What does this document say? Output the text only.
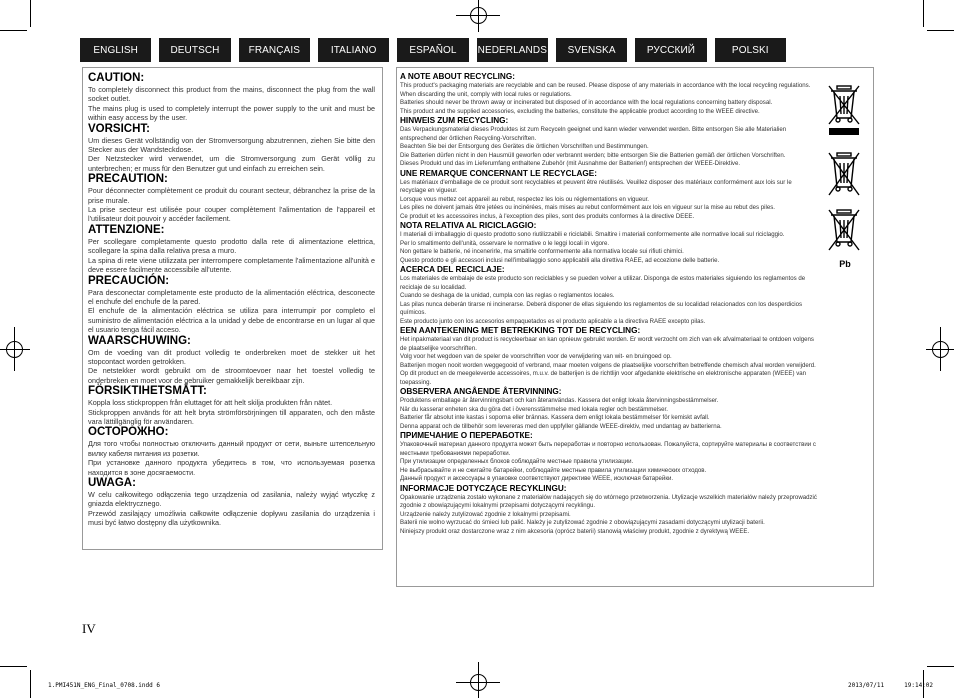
ENGLISH	DEUTSCH	FRANÇAIS	ITALIANO	ESPAÑOL	NEDERLANDS	SVENSKA	РУССКИЙ	POLSKI
CAUTION:

To completely disconnect this product from the mains, disconnect the plug from the wall socket outlet.

The mains plug is used to completely interrupt the power supply to the unit and must be within easy access by the user.

VORSICHT:

Um dieses Gerät vollständig von der Stromversorgung abzutrennen, ziehen Sie bitte den Stecker aus der Wandsteckdose.

Der Netzstecker wird verwendet, um die Stromversorgung zum Gerät völlig zu unterbrechen; er muss für den Benutzer gut und einfach zu erreichen sein.

PRECAUTION:

Pour déconnecter complètement ce produit du courant secteur, débranchez la prise de la prise murale.

La prise secteur est utilisée pour couper complètement l'alimentation de l'appareil et l'utilisateur doit pouvoir y accéder facilement.

ATTENZIONE:

Per scollegare completamente questo prodotto dalla rete di alimentazione elettrica, scollegare la spina dalla relativa presa a muro.

La spina di rete viene utilizzata per interrompere completamente l'alimentazione all'unità e deve essere facilmente accessibile all'utente.

PRECAUCIÓN:

Para desconectar completamente este producto de la alimentación eléctrica, desconecte el enchufe del enchufe de la pared.

El enchufe de la alimentación eléctrica se utiliza para interrumpir por completo el suministro de alimentación eléctrica a la unidad y debe de encontrarse en un lugar al que el usuario tenga fácil acceso.

WAARSCHUWING:

Om de voeding van dit product volledig te onderbreken moet de stekker uit het stopcontact worden getrokken.

De netstekker wordt gebruikt om de stroomtoevoer naar het toestel volledig te onderbreken en moet voor de gebruiker gemakkelijk bereikbaar zijn.

FÖRSIKTIHETSMÅTT:

Koppla loss stickproppen från eluttaget för att helt skilja produkten från nätet.

Stickproppen används för att helt bryta strömförsörjningen till apparaten, och den måste vara lättillgänglig för användaren.

ОСТОРОЖНО:

Для того чтобы полностью отключить данный продукт от сети, выньте штепсельную вилку кабеля питания из розетки.

При установке данного продукта убедитесь в том, что используемая розетка находится в зоне досягаемости.

UWAGA:

W celu całkowitego odłączenia tego urządzenia od zasilania, należy wyjąć wtyczkę z gniazda elektrycznego.

Przewód zasilający umożliwia całkowite odłączenie dopływu zasilania do urządzenia i musi być łatwo dostępny dla użytkownika.

A NOTE ABOUT RECYCLING:

This product's packaging materials are recyclable and can be reused. Please dispose of any materials in accordance with the local recycling regulations.

When discarding the unit, comply with local rules or regulations.

Batteries should never be thrown away or incinerated but disposed of in accordance with the local regulations concerning battery disposal.

This product and the supplied accessories, excluding the batteries, constitute the applicable product according to the WEEE directive.

HINWEIS ZUM RECYCLING:

Das Verpackungsmaterial dieses Produktes ist zum Recyceln geeignet und kann wieder verwendet werden. Bitte entsorgen Sie alle Materialien entsprechend der örtlichen Recycling-Vorschriften.

Beachten Sie bei der Entsorgung des Gerätes die örtlichen Vorschriften und Bestimmungen.

Die Batterien dürfen nicht in den Hausmüll geworfen oder verbrannt werden; bitte entsorgen Sie die Batterien gemäß der örtlichen Vorschriften.

Dieses Produkt und das im Lieferumfang enthaltene Zubehör (mit Ausnahme der Batterien!) entsprechen der WEEE-Direktive.

UNE REMARQUE CONCERNANT LE RECYCLAGE:

Les matériaux d'emballage de ce produit sont recyclables et peuvent être réutilisés. Veuillez disposer des matériaux conformément aux lois sur le recyclage en vigueur.

Lorsque vous mettez cet appareil au rebut, respectez les lois ou réglementations en vigueur.

Les piles ne doivent jamais être jetées ou incinérées, mais mises au rebut conformément aux lois en vigueur sur la mise au rebut des piles.

Ce produit et les accessoires inclus, à l'exception des piles, sont des produits conformes à la directive DEEE.

NOTA RELATIVA AL RICICLAGGIO:

I materiali di imballaggio di questo prodotto sono riutilizzabili e riciclabili. Smaltire i materiali conformemente alle normative locali sul riciclaggio.

Per lo smaltimento dell'unità, osservare le normative o le leggi locali in vigore.

Non gettare le batterie, né incenerirle, ma smaltirle conformemente alla normativa locale sui rifiuti chimici.

Questo prodotto e gli accessori inclusi nell'imballaggio sono applicabili alla direttiva RAEE, ad eccezione delle batterie.

ACERCA DEL RECICLAJE:

Los materiales de embalaje de este producto son reciclables y se pueden volver a utilizar. Disponga de estos materiales siguiendo los reglamentos de reciclaje de su localidad.

Cuando se deshaga de la unidad, cumpla con las reglas o reglamentos locales.

Las pilas nunca deberán tirarse ni incinerarse. Deberá disponer de ellas siguiendo los reglamentos de su localidad relacionados con los desperdicios químicos.

Este producto junto con los accesorios empaquetados es el producto aplicable a la directiva RAEE excepto pilas.

EEN AANTEKENING MET BETREKKING TOT DE RECYCLING:

Het inpakmateriaal van dit product is recycleerbaar en kan opnieuw gebruikt worden. Er wordt verzocht om zich van elk afvalmateriaal te ontdoen volgens de plaatselijke voorschriften.

Volg voor het wegdoen van de speler de voorschriften voor de verwijdering van wit- en bruingoed op.

Batterijen mogen nooit worden weggegooid of verbrand, maar moeten volgens de plaatselijke voorschriften betreffende chemisch afval worden verwijderd.

Op dit product en de meegeleverde accessoires, m.u.v. de batterijen is de richtlijn voor afgedankte elektrische en elektronische apparaten (WEEE) van toepassing.

OBSERVERA ANGÅENDE ÅTERVINNING:

Produktens emballage är återvinningsbart och kan återanvändas. Kassera det enligt lokala återvinningsbestämmelser.

När du kasserar enheten ska du göra det i överensstämmelse med lokala regler och bestämmelser.

Batterier får absolut inte kastas i soporna eller brännas. Kassera dem enligt lokala bestämmelser för kemiskt avfall.

Denna apparat och de tillbehör som levereras med den uppfyller gällande WEEE-direktiv, med undantag av batterierna.

ПРИМЕЧАНИЕ О ПЕРЕРАБОТКЕ:

Упаковочный материал данного продукта может быть переработан и повторно использован. Пожалуйста, сортируйте материалы в соответствии с местными требованиями переработки.

При утилизации определенных блоков соблюдайте местные правила утилизации.

Не выбрасывайте и не сжигайте батарейки, соблюдайте местные правила утилизации химических отходов.

Данный продукт и аксессуары в упаковке соответствуют директиве WEEE, исключая батарейки.

INFORMACJE DOTYCZĄCE RECYKLINGU:

Opakowanie urządzenia zostało wykonane z materiałów nadających się do wtórnego przetworzenia. Utylizacje wszelkich materiałów należy przeprowadzić zgodnie z obowiązującymi lokalnymi przepisami dotyczącymi recyklingu.

Urządzenie należy zutylizować zgodnie z lokalnymi przepisami.

Baterii nie wolno wyrzucać do śmieci lub palić. Należy je zutylizować zgodnie z obowiązującymi zasadami dotyczącymi utylizacji baterii.

Niniejszy produkt oraz dostarczone wraz z nim akcesoria (oprócz baterii) stanowią właściwy produkt, zgodnie z dyrektywą WEEE.

Pb
IV
1.PMI451N_ENG_Final_0708.indd 6	2013/07/11	19:14:02
